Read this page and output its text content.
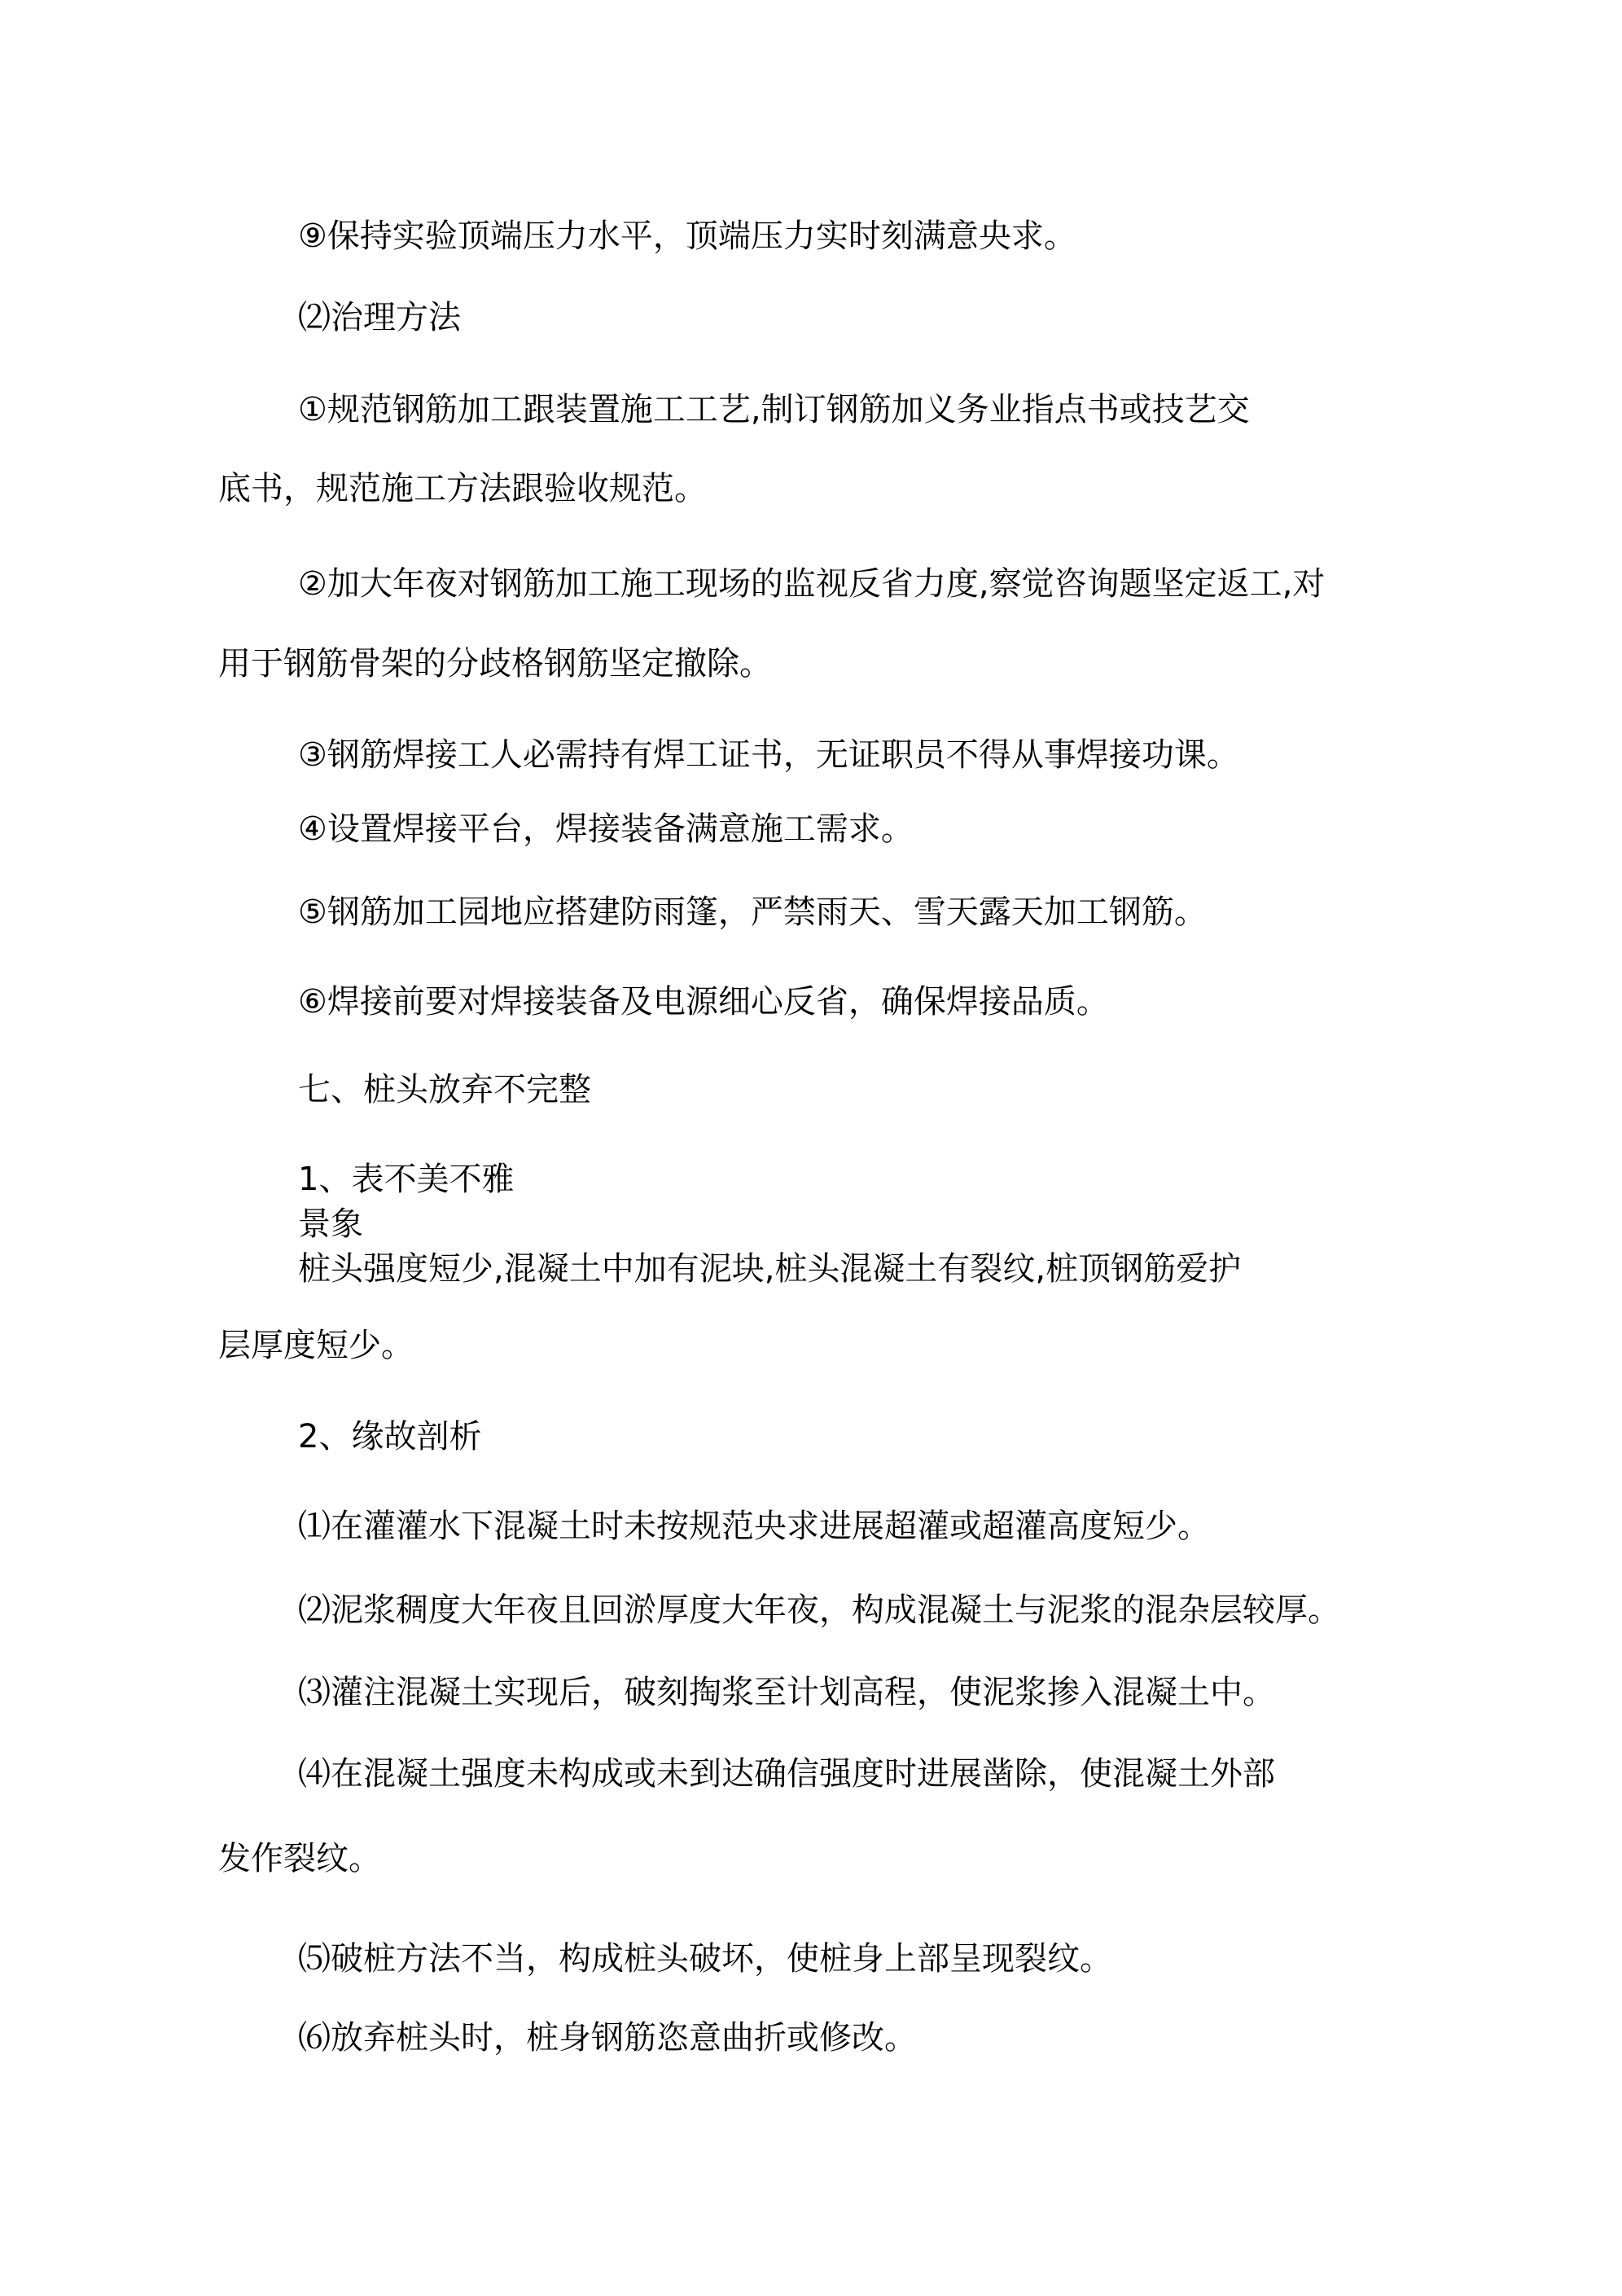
⑨保持实验顶端压力水平，顶端压力实时刻满意央求。

⑵治理方法

①规范钢筋加工跟装置施工工艺,制订钢筋加义务业指点书或技艺交

底书，规范施工方法跟验收规范。

②加大年夜对钢筋加工施工现场的监视反省力度,察觉咨询题坚定返工,对

用于钢筋骨架的分歧格钢筋坚定撤除。

③钢筋焊接工人必需持有焊工证书，无证职员不得从事焊接功课。

④设置焊接平台，焊接装备满意施工需求。

⑤钢筋加工园地应搭建防雨篷，严禁雨天、雪天露天加工钢筋。

⑥焊接前要对焊接装备及电源细心反省，确保焊接品质。

七、桩头放弃不完整

1、表不美不雅

景象

桩头强度短少,混凝土中加有泥块,桩头混凝土有裂纹,桩顶钢筋爱护

层厚度短少。

2、缘故剖析

⑴在灌灌水下混凝土时未按规范央求进展超灌或超灌高度短少。

⑵泥浆稠度大年夜且回淤厚度大年夜，构成混凝土与泥浆的混杂层较厚。

⑶灌注混凝土实现后，破刻掏浆至计划高程，使泥浆掺入混凝土中。

⑷在混凝土强度未构成或未到达确信强度时进展凿除，使混凝土外部

发作裂纹。

⑸破桩方法不当，构成桩头破坏，使桩身上部呈现裂纹。

⑹放弃桩头时，桩身钢筋恣意曲折或修改。
